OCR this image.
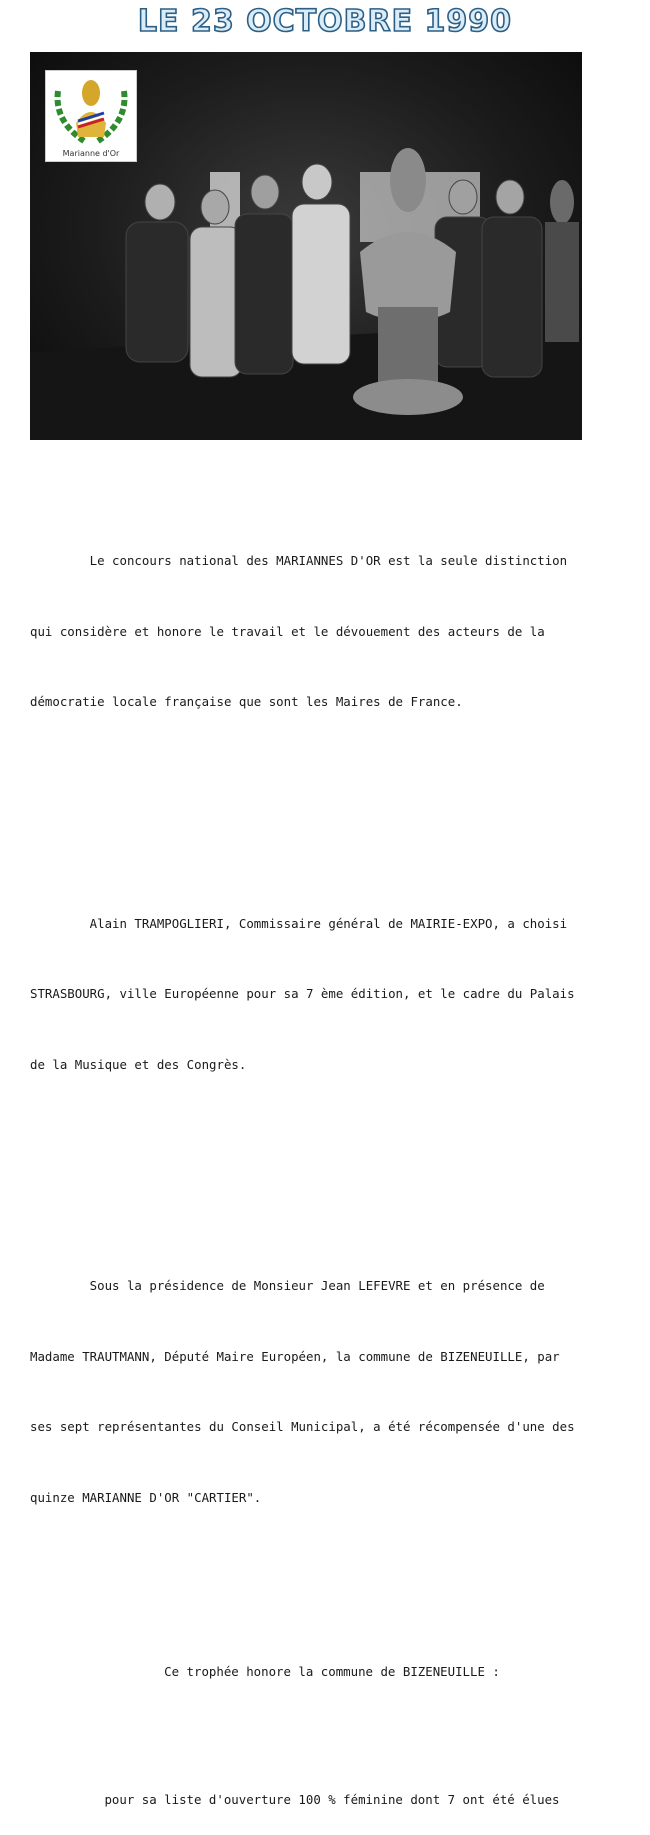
LE 23 OCTOBRE 1990
Marianne d'Or

Le concours national des MARIANNES D'OR est la seule distinction

qui considère et honore le travail et le dévouement des acteurs de la

démocratie locale française que sont les Maires de France.

Alain TRAMPOGLIERI, Commissaire général de MAIRIE-EXPO, a choisi

STRASBOURG, ville Européenne pour sa 7 ème édition, et le cadre du Palais

de la Musique et des Congrès.

Sous la présidence de Monsieur Jean LEFEVRE et en présence de

Madame TRAUTMANN, Député Maire Européen, la commune de BIZENEUILLE, par

ses sept représentantes du Conseil Municipal, a été récompensée d'une des

quinze MARIANNE D'OR "CARTIER".

Ce trophée honore la commune de BIZENEUILLE :

pour sa liste d'ouverture 100 % féminine dont 7 ont été élues
